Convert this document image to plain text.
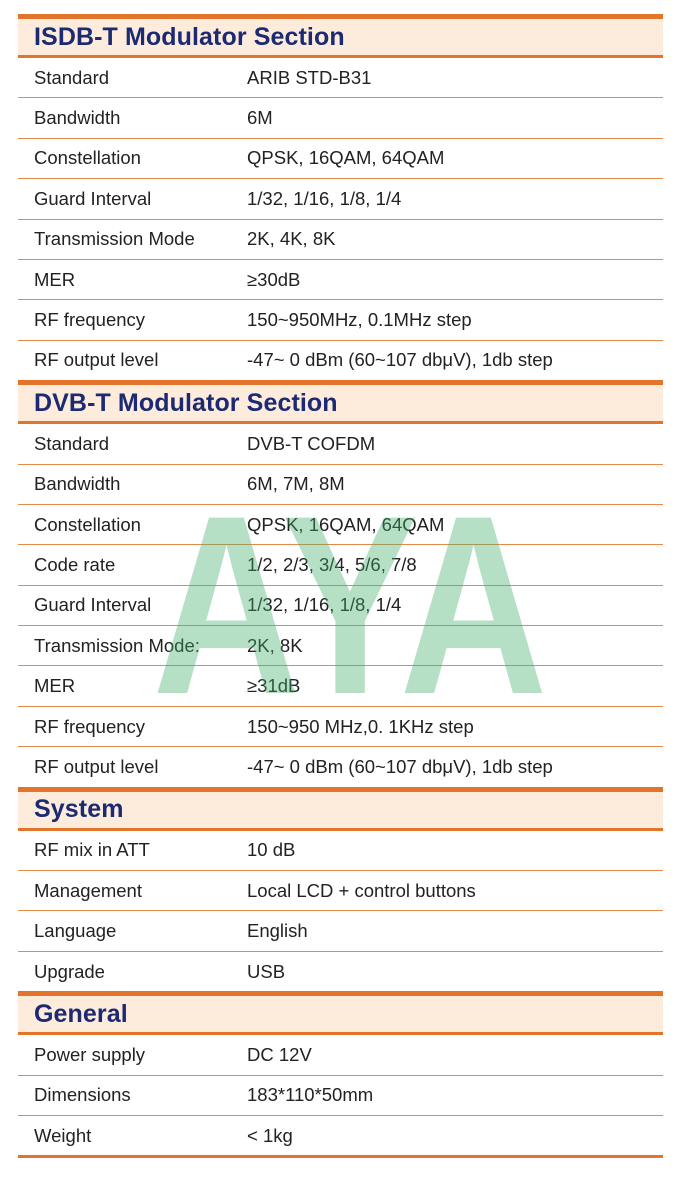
ISDB-T Modulator Section
Standard	ARIB STD-B31
Bandwidth	6M
Constellation	QPSK, 16QAM, 64QAM
Guard Interval	1/32, 1/16, 1/8, 1/4
Transmission Mode	2K, 4K, 8K
MER	≥30dB
RF frequency	150~950MHz, 0.1MHz step
RF output level	-47~ 0 dBm (60~107 dbμV), 1db step
DVB-T Modulator Section
Standard	DVB-T COFDM
Bandwidth	6M, 7M, 8M
Constellation	QPSK, 16QAM, 64QAM
Code rate	1/2, 2/3, 3/4, 5/6, 7/8
Guard Interval	1/32, 1/16, 1/8, 1/4
Transmission Mode:	2K, 8K
MER	≥31dB
RF frequency	150~950 MHz,0. 1KHz step
RF output level	-47~ 0 dBm (60~107 dbμV), 1db step
System
RF mix in ATT	10 dB
Management	Local LCD + control buttons
Language	English
Upgrade	USB
General
Power supply	DC 12V
Dimensions	183*110*50mm
Weight	< 1kg
AYA
